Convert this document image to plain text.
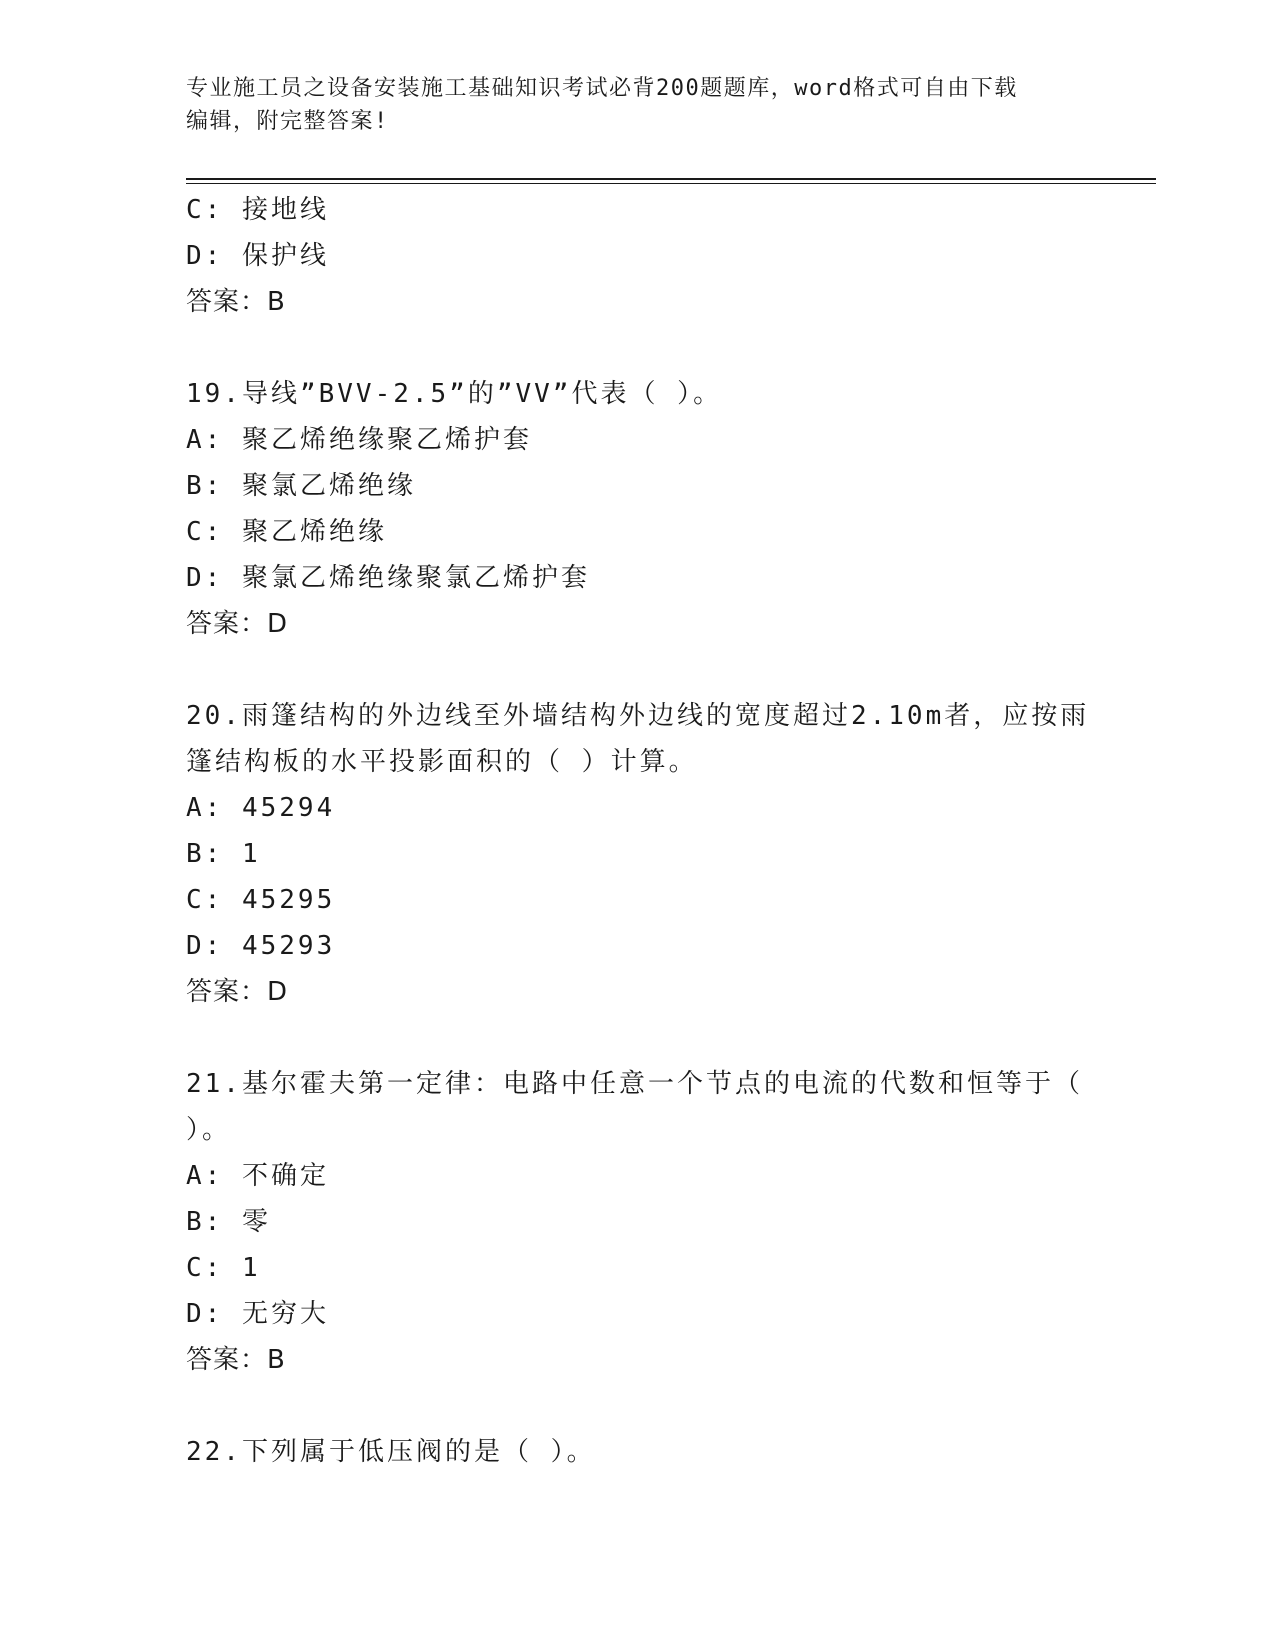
专业施工员之设备安装施工基础知识考试必背200题题库，word格式可自由下载
编辑，附完整答案!
C: 接地线
D: 保护线
答案：B
19.导线”BVV-2.5”的”VV”代表（ ）。
A: 聚乙烯绝缘聚乙烯护套
B: 聚氯乙烯绝缘
C: 聚乙烯绝缘
D: 聚氯乙烯绝缘聚氯乙烯护套
答案：D
20.雨篷结构的外边线至外墙结构外边线的宽度超过2.10m者，应按雨
篷结构板的水平投影面积的（ ）计算。
A: 45294
B: 1
C: 45295
D: 45293
答案：D
21.基尔霍夫第一定律：电路中任意一个节点的电流的代数和恒等于（
）。
A: 不确定
B: 零
C: 1
D: 无穷大
答案：B
22.下列属于低压阀的是（ ）。
